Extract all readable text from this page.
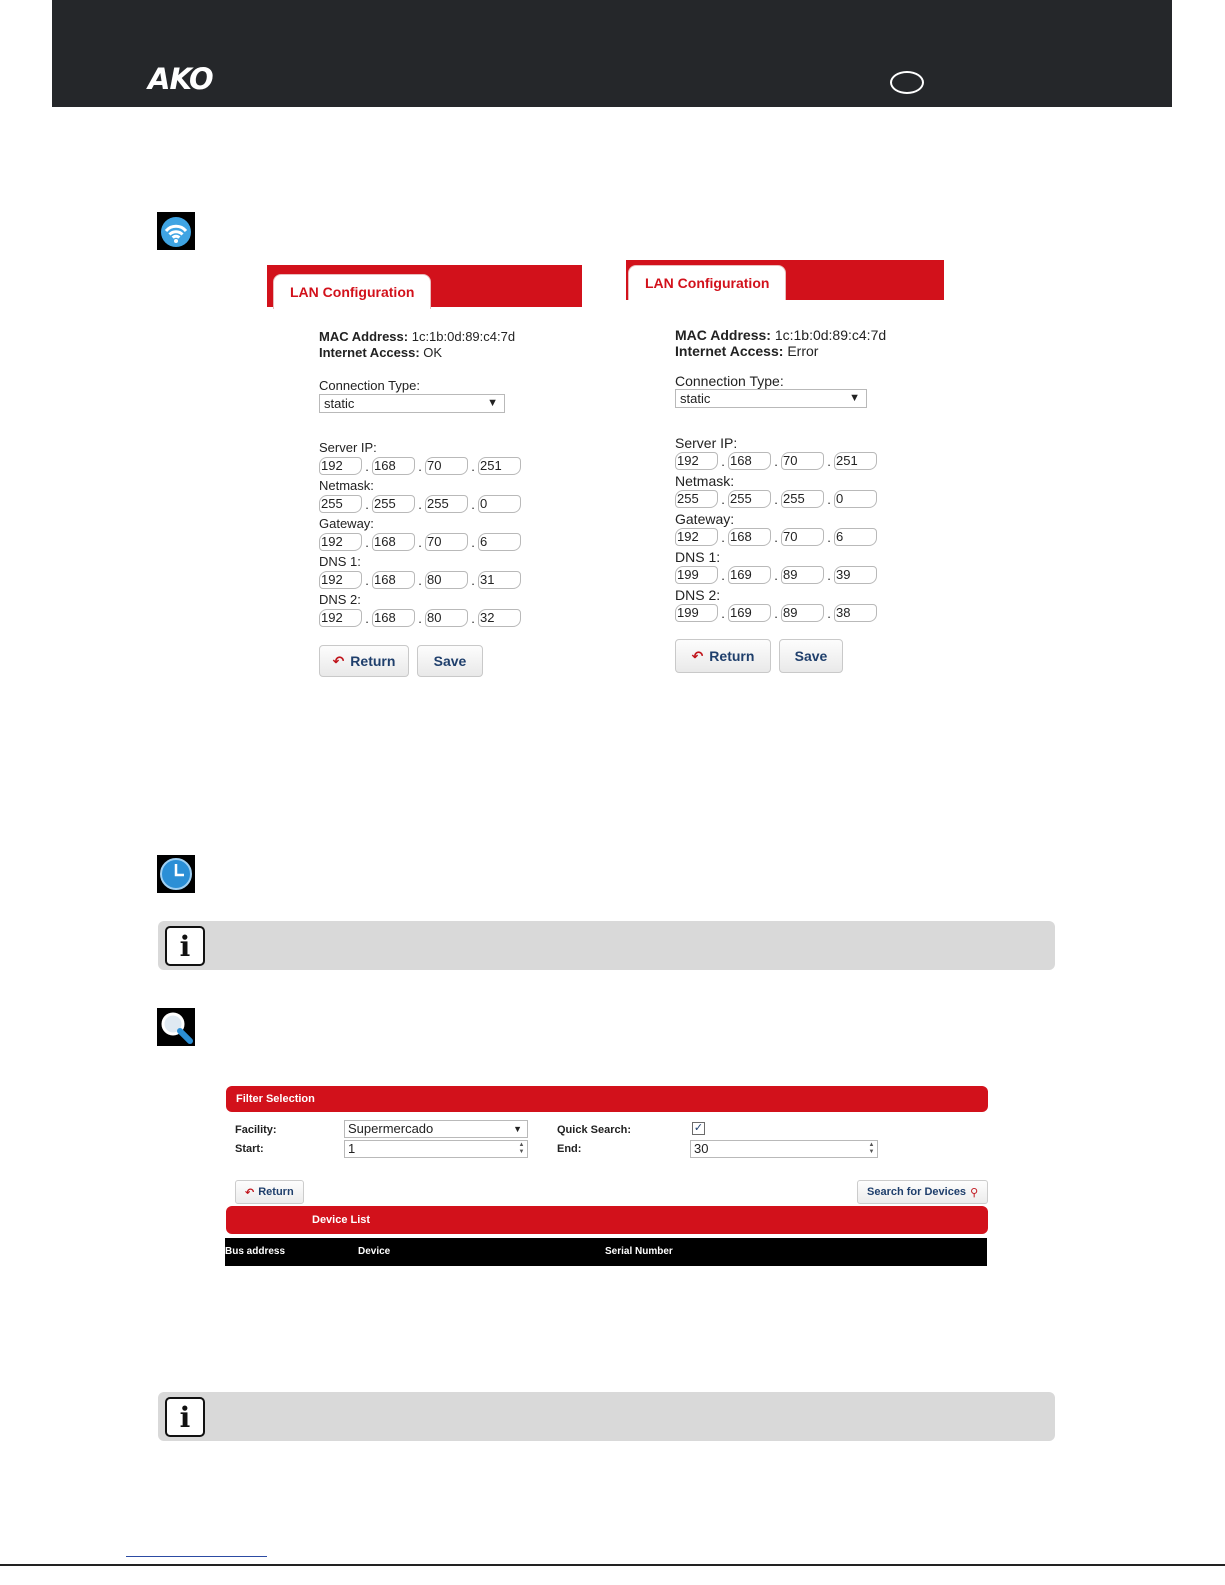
AKO
LAN Configuration
MAC Address: 1c:1b:0d:89:c4:7d
Internet Access: OK
Connection Type:
static	▼
Server IP:
192	. 168	. 70	. 251
Netmask:
255	. 255	. 255	. 0
Gateway:
192	. 168	. 70	. 6
DNS 1:
192	. 168	. 80	. 31
DNS 2:
192	. 168	. 80	. 32
↶ Return	Save
LAN Configuration
MAC Address: 1c:1b:0d:89:c4:7d
Internet Access: Error
Connection Type:
static	▼
Server IP:
192	. 168	. 70	. 251
Netmask:
255	. 255	. 255	. 0
Gateway:
192	. 168	. 70	. 6
DNS 1:
199	. 169	. 89	. 39
DNS 2:
199	. 169	. 89	. 38
↶ Return	Save
i
Filter Selection
Facility:	Supermercado	▼
Start:	1	▲
▼
Quick Search:	✓
End:	30	▲
▼
↶ Return	Search for Devices ⚲
Device List
Bus address	Device	Serial Number
i
